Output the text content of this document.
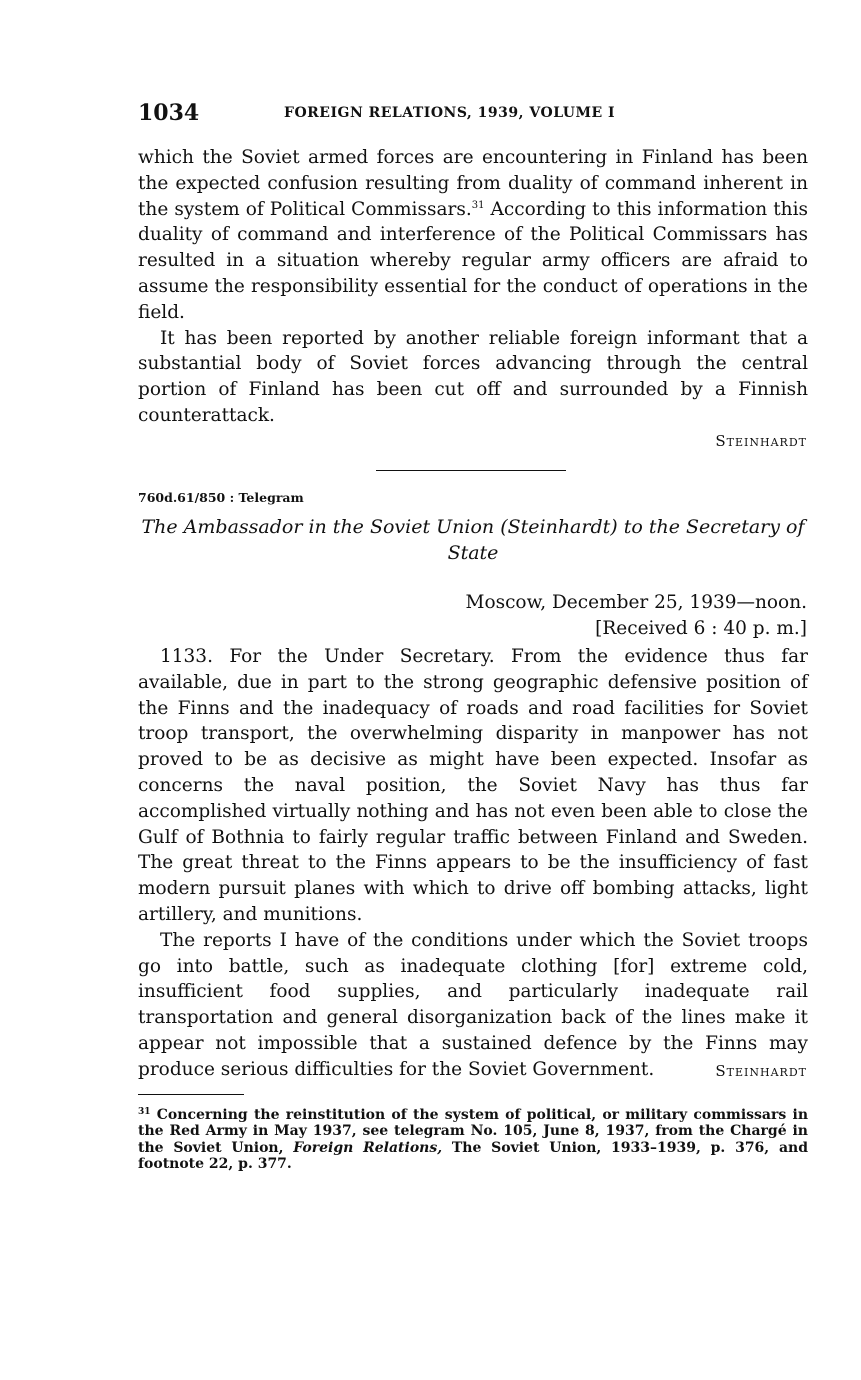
1034	FOREIGN RELATIONS, 1939, VOLUME I

which the Soviet armed forces are encountering in Finland has been the expected confusion resulting from duality of command inherent in the system of Political Commissars.$^{31}$ According to this information this duality of command and interference of the Political Commissars has resulted in a situation whereby regular army officers are afraid to assume the responsibility essential for the conduct of operations in the field.

It has been reported by another reliable foreign informant that a substantial body of Soviet forces advancing through the central portion of Finland has been cut off and surrounded by a Finnish counterattack.

Steinhardt
760d.61/850 : Telegram
The Ambassador in the Soviet Union (Steinhardt) to the Secretary of State
Moscow, December 25, 1939—noon.
[Received 6 : 40 p. m.]

1133. For the Under Secretary. From the evidence thus far available, due in part to the strong geographic defensive position of the Finns and the inadequacy of roads and road facilities for Soviet troop transport, the overwhelming disparity in manpower has not proved to be as decisive as might have been expected. Insofar as concerns the naval position, the Soviet Navy has thus far accomplished virtually nothing and has not even been able to close the Gulf of Bothnia to fairly regular traffic between Finland and Sweden. The great threat to the Finns appears to be the insufficiency of fast modern pursuit planes with which to drive off bombing attacks, light artillery, and munitions.

The reports I have of the conditions under which the Soviet troops go into battle, such as inadequate clothing [for] extreme cold, insufficient food supplies, and particularly inadequate rail transportation and general disorganization back of the lines make it appear not impossible that a sustained defence by the Finns may produce serious difficulties for the Soviet Government.	Steinhardt
$^{31}$ Concerning the reinstitution of the system of political, or military commissars in the Red Army in May 1937, see telegram No. 105, June 8, 1937, from the Chargé in the Soviet Union, Foreign Relations, The Soviet Union, 1933–1939, p. 376, and footnote 22, p. 377.
